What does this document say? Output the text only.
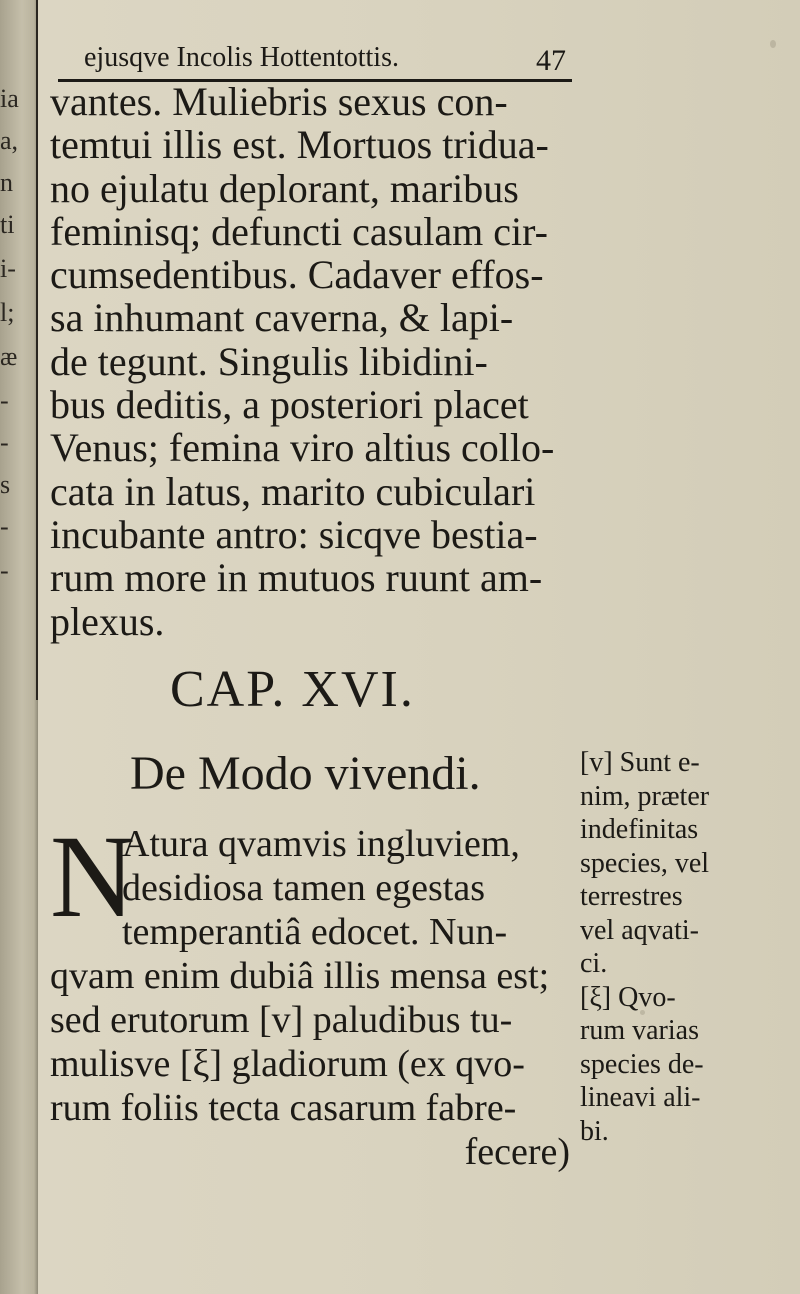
ia
a,
n
ti
i-
l;
æ
-
-
s
-
-
ejusqve Incolis Hottentottis.	47
vantes. Muliebris sexus con-
temtui illis est. Mortuos tridua-
no ejulatu deplorant, maribus
feminisq; defuncti casulam cir-
cumsedentibus. Cadaver effos-
sa inhumant caverna, & lapi-
de tegunt. Singulis libidini-
bus deditis, a posteriori placet
Venus; femina viro altius collo-
cata in latus, marito cubiculari
incubante antro: sicqve bestia-
rum more in mutuos ruunt am-
plexus.
CAP. XVI.
De Modo vivendi.
N
Atura qvamvis ingluviem,
desidiosa tamen egestas
temperantiâ edocet. Nun-
qvam enim dubiâ illis mensa est;
sed erutorum [v] paludibus tu-
mulisve [ξ] gladiorum (ex qvo-
rum foliis tecta casarum fabre-
fecere)
[v] Sunt e-
nim, præter
indefinitas
species, vel
terrestres
vel aqvati-
ci.
[ξ] Qvo-
rum varias
species de-
lineavi ali-
bi.
